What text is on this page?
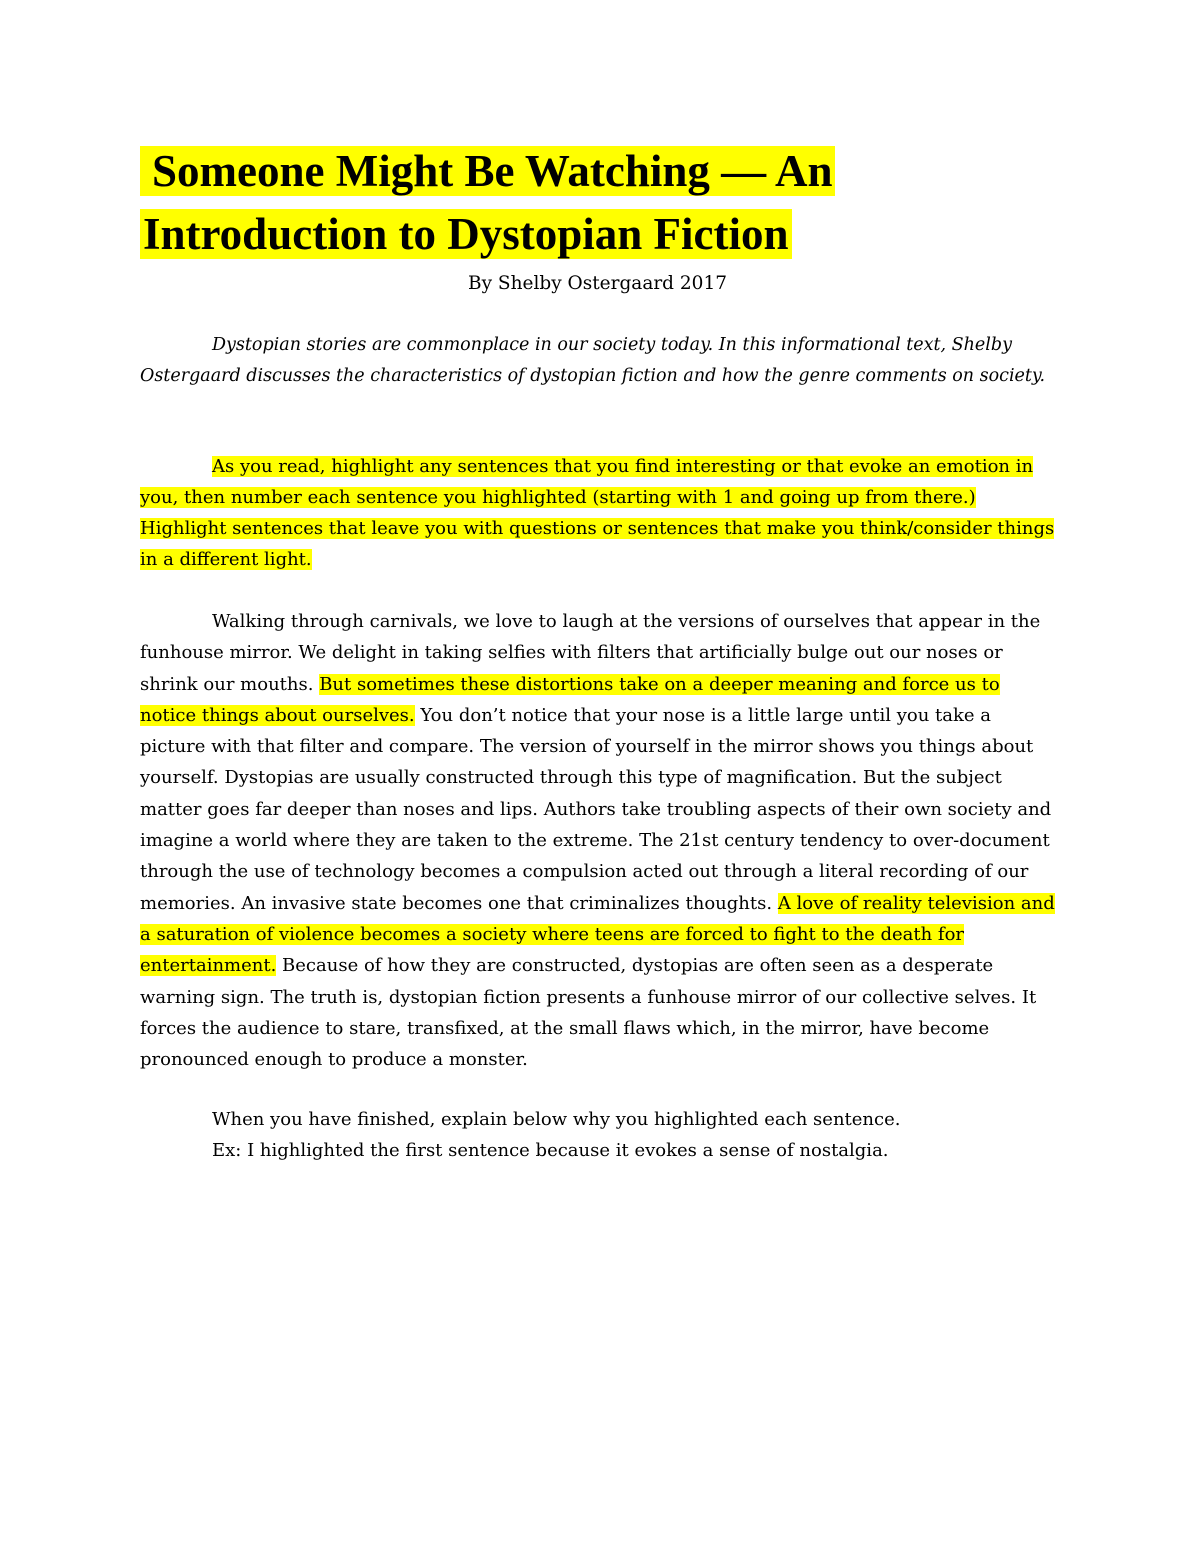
Someone Might Be Watching — An
Introduction to Dystopian Fiction

By Shelby Ostergaard 2017

Dystopian stories are commonplace in our society today. In this informational text, Shelby Ostergaard discusses the characteristics of dystopian fiction and how the genre comments on society.

As you read, highlight any sentences that you find interesting or that evoke an emotion in you, then number each sentence you highlighted (starting with 1 and going up from there.) Highlight sentences that leave you with questions or sentences that make you think/consider things in a different light.

Walking through carnivals, we love to laugh at the versions of ourselves that appear in the funhouse mirror. We delight in taking selfies with filters that artificially bulge out our noses or shrink our mouths. But sometimes these distortions take on a deeper meaning and force us to notice things about ourselves. You don’t notice that your nose is a little large until you take a picture with that filter and compare. The version of yourself in the mirror shows you things about yourself. Dystopias are usually constructed through this type of magnification. But the subject matter goes far deeper than noses and lips. Authors take troubling aspects of their own society and imagine a world where they are taken to the extreme. The 21st century tendency to over-document through the use of technology becomes a compulsion acted out through a literal recording of our memories. An invasive state becomes one that criminalizes thoughts. A love of reality television and a saturation of violence becomes a society where teens are forced to fight to the death for entertainment. Because of how they are constructed, dystopias are often seen as a desperate warning sign. The truth is, dystopian fiction presents a funhouse mirror of our collective selves. It forces the audience to stare, transfixed, at the small flaws which, in the mirror, have become pronounced enough to produce a monster.

When you have finished, explain below why you highlighted each sentence.
Ex: I highlighted the first sentence because it evokes a sense of nostalgia.
